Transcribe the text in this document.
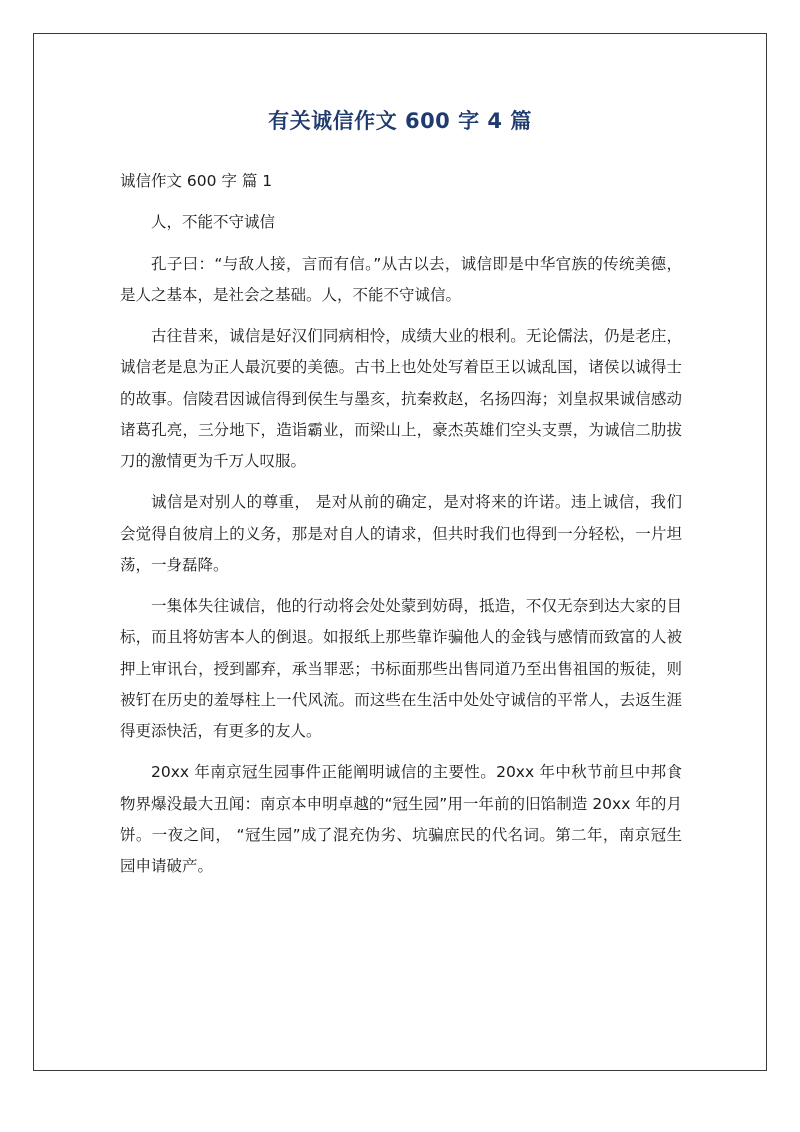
有关诚信作文 600 字 4 篇
诚信作文 600 字 篇 1

人，不能不守诚信

孔子曰：“与敌人接，言而有信。”从古以去，诚信即是中华官族的传统美德，是人之基本，是社会之基础。人，不能不守诚信。

古往昔来，诚信是好汉们同病相怜，成绩大业的根利。无论儒法，仍是老庄，诚信老是息为正人最沉要的美德。古书上也处处写着臣王以诚乱国，诸侯以诚得士的故事。信陵君因诚信得到侯生与墨亥，抗秦救赵，名扬四海；刘皇叔果诚信感动诸葛孔亮，三分地下，造诣霸业，而梁山上，豪杰英雄们空头支票，为诚信二肋拔刀的激情更为千万人叹服。

诚信是对别人的尊重， 是对从前的确定，是对将来的许诺。违上诚信，我们会觉得自彼肩上的义务，那是对自人的请求，但共时我们也得到一分轻松，一片坦荡，一身磊降。

一集体失往诚信，他的行动将会处处蒙到妨碍，抵造，不仅无奈到达大家的目标，而且将妨害本人的倒退。如报纸上那些靠诈骗他人的金钱与感情而致富的人被押上审讯台，授到鄙弃，承当罪恶；书标面那些出售同道乃至出售祖国的叛徒，则被钉在历史的羞辱柱上一代风流。而这些在生活中处处守诚信的平常人，去返生涯得更添快活，有更多的友人。

20xx 年南京冠生园事件正能阐明诚信的主要性。20xx 年中秋节前旦中邦食物界爆没最大丑闻：南京本申明卓越的“冠生园”用一年前的旧馅制造 20xx 年的月饼。一夜之间， “冠生园”成了混充伪劣、坑骗庶民的代名词。第二年，南京冠生园申请破产。
